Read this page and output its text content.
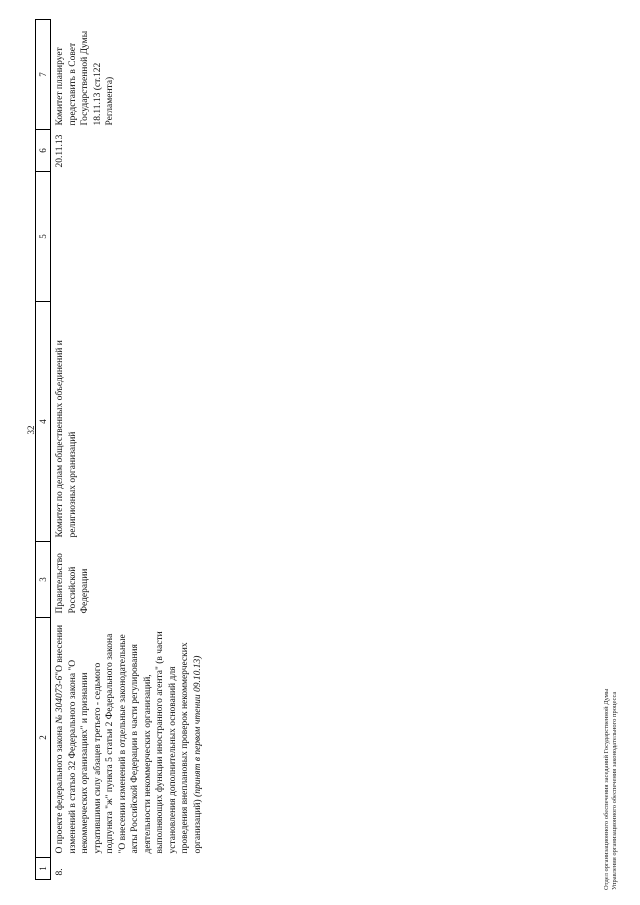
32
1	2	3	4	5	6	7
8.	О проекте федерального закона № 304073-6"О внесении изменений в статью 32 Федерального закона "О некоммерческих организациях" и признании утратившими силу абзацев третьего - седьмого подпункта "ж" пункта 5 статьи 2 Федерального закона "О внесении изменений в отдельные законодательные акты Российской Федерации в части регулирования деятельности некоммерческих организаций, выполняющих функции иностранного агента" (в части установления дополнительных оснований для проведения внеплановых проверок некоммерческих организаций) (принят в первом чтении 09.10.13)	Правительство Российской Федерации	Комитет по делам общественных объединений и религиозных организаций		20.11.13	Комитет планирует представить в Совет Государственной Думы 18.11.13 (ст.122 Регламента)
Отдел организационного обеспечения заседаний Государственной Думы Управления организационного обеспечения законодательного процесса
